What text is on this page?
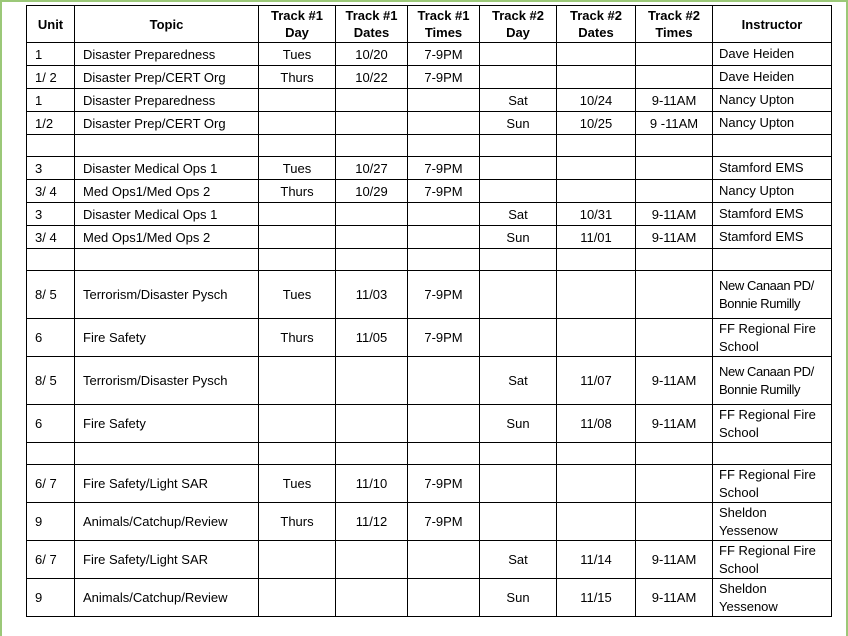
Unit	Topic	Track #1 Day	Track #1 Dates	Track #1 Times	Track #2 Day	Track #2 Dates	Track #2 Times	Instructor
1	Disaster Preparedness	Tues	10/20	7-9PM				Dave Heiden
1/ 2	Disaster Prep/CERT Org	Thurs	10/22	7-9PM				Dave Heiden
1	Disaster Preparedness				Sat	10/24	9-11AM	Nancy Upton
1/2	Disaster Prep/CERT Org				Sun	10/25	9 -11AM	Nancy Upton

3	Disaster Medical Ops 1	Tues	10/27	7-9PM				Stamford EMS
3/ 4	Med Ops1/Med Ops 2	Thurs	10/29	7-9PM				Nancy Upton
3	Disaster Medical Ops 1				Sat	10/31	9-11AM	Stamford EMS
3/ 4	Med Ops1/Med Ops 2				Sun	11/01	9-11AM	Stamford EMS

8/ 5	Terrorism/Disaster Pysch	Tues	11/03	7-9PM				New Canaan PD/ Bonnie Rumilly
6	Fire Safety	Thurs	11/05	7-9PM				FF Regional Fire School
8/ 5	Terrorism/Disaster Pysch				Sat	11/07	9-11AM	New Canaan PD/ Bonnie Rumilly
6	Fire Safety				Sun	11/08	9-11AM	FF Regional Fire School

6/ 7	Fire Safety/Light SAR	Tues	11/10	7-9PM				FF Regional Fire School
9	Animals/Catchup/Review	Thurs	11/12	7-9PM				Sheldon Yessenow
6/ 7	Fire Safety/Light SAR				Sat	11/14	9-11AM	FF Regional Fire School
9	Animals/Catchup/Review				Sun	11/15	9-11AM	Sheldon Yessenow
